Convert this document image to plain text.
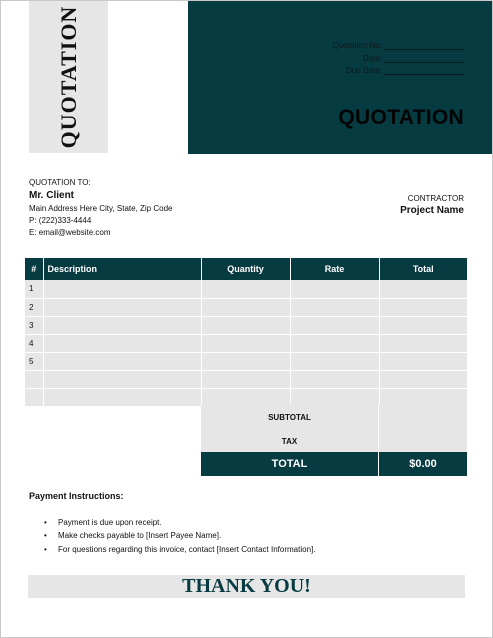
QUOTATION	Quotation No:
Date:
Due Date:
QUOTATION
QUOTATION TO:
Mr. Client
Main Address Here City, State, Zip Code
P: (222)333-4444
E: email@website.com
CONTRACTOR
Project Name
#	Description	Quantity	Rate	Total
1				
2				
3				
4				
5				

SUBTOTAL
TAX
TOTAL	$0.00
Payment Instructions:
• Payment is due upon receipt.
• Make checks payable to [Insert Payee Name].
• For questions regarding this invoice, contact [Insert Contact Information].
THANK YOU!
